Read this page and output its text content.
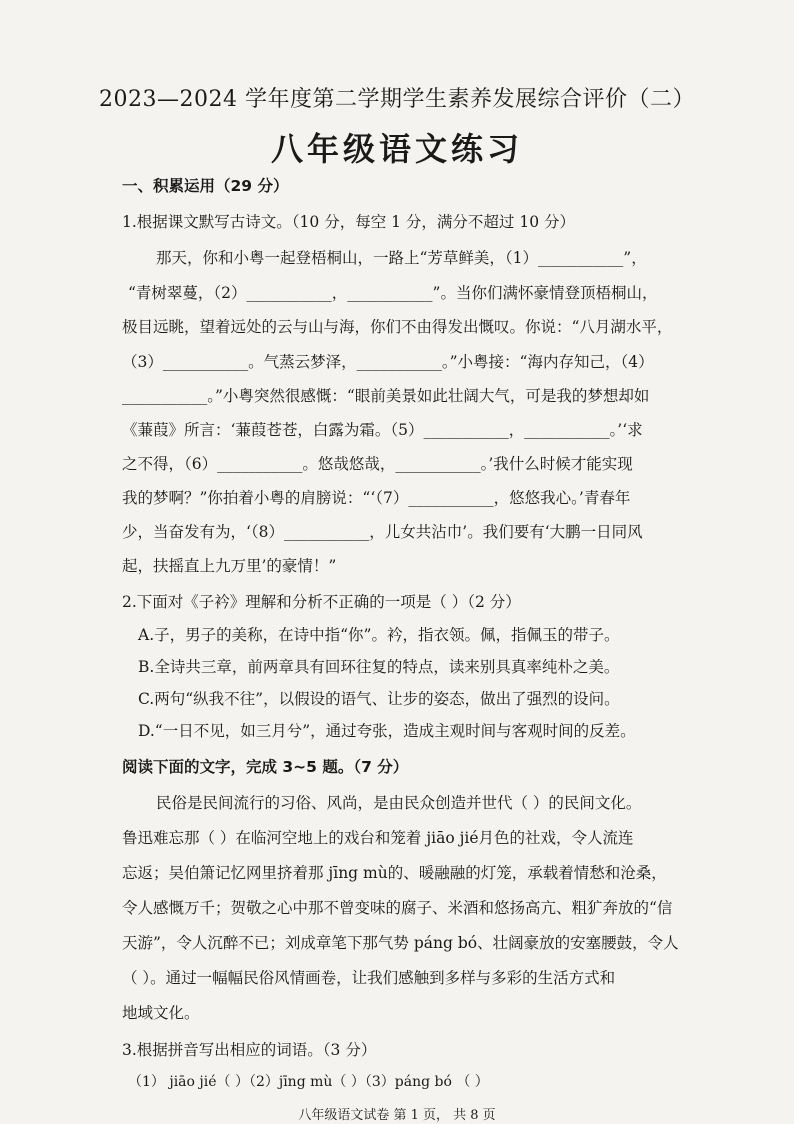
2023—2024 学年度第二学期学生素养发展综合评价（二）
八年级语文练习
一、积累运用（29 分）
1.根据课文默写古诗文。（10 分，每空 1 分，满分不超过 10 分）
那天，你和小粤一起登梧桐山，一路上“芳草鲜美，（1）___________”，
“青树翠蔓，（2）___________，___________”。当你们满怀豪情登顶梧桐山，
极目远眺，望着远处的云与山与海，你们不由得发出慨叹。你说：“八月湖水平，
（3）___________。气蒸云梦泽，___________。”小粤接：“海内存知己，（4）
___________。”小粤突然很感慨：“眼前美景如此壮阔大气，可是我的梦想却如
《蒹葭》所言：‘蒹葭苍苍，白露为霜。（5）___________，___________。’‘求
之不得，（6）___________。悠哉悠哉，___________。’我什么时候才能实现
我的梦啊？”你拍着小粤的肩膀说：“‘（7）___________，悠悠我心。’青春年
少，当奋发有为，‘（8）___________，儿女共沾巾’。我们要有‘大鹏一日同风
起，扶摇直上九万里’的豪情！”
2.下面对《子衿》理解和分析不正确的一项是（ ）（2 分）
A.子，男子的美称，在诗中指“你”。衿，指衣领。佩，指佩玉的带子。
B.全诗共三章，前两章具有回环往复的特点，读来别具真率纯朴之美。
C.两句“纵我不往”，以假设的语气、让步的姿态，做出了强烈的设问。
D.“一日不见，如三月兮”，通过夸张，造成主观时间与客观时间的反差。
阅读下面的文字，完成 3~5 题。（7 分）
民俗是民间流行的习俗、风尚，是由民众创造并世代（ ）的民间文化。
鲁迅难忘那（ ）在临河空地上的戏台和笼着 jiāo jié月色的社戏，令人流连
忘返；吴伯箫记忆网里挤着那 jīng mù的、暖融融的灯笼，承载着情愁和沧桑，
令人感慨万千；贺敬之心中那不曾变味的腐子、米酒和悠扬高亢、粗犷奔放的“信
天游”，令人沉醉不已；刘成章笔下那气势 páng bó、壮阔豪放的安塞腰鼓，令人
（ ）。通过一幅幅民俗风情画卷，让我们感触到多样与多彩的生活方式和
地域文化。
3.根据拼音写出相应的词语。（3 分）
（1） jiāo jié（ ）（2）jīng mù（ ）（3）páng bó （ ）
八年级语文试卷 第 1 页， 共 8 页
